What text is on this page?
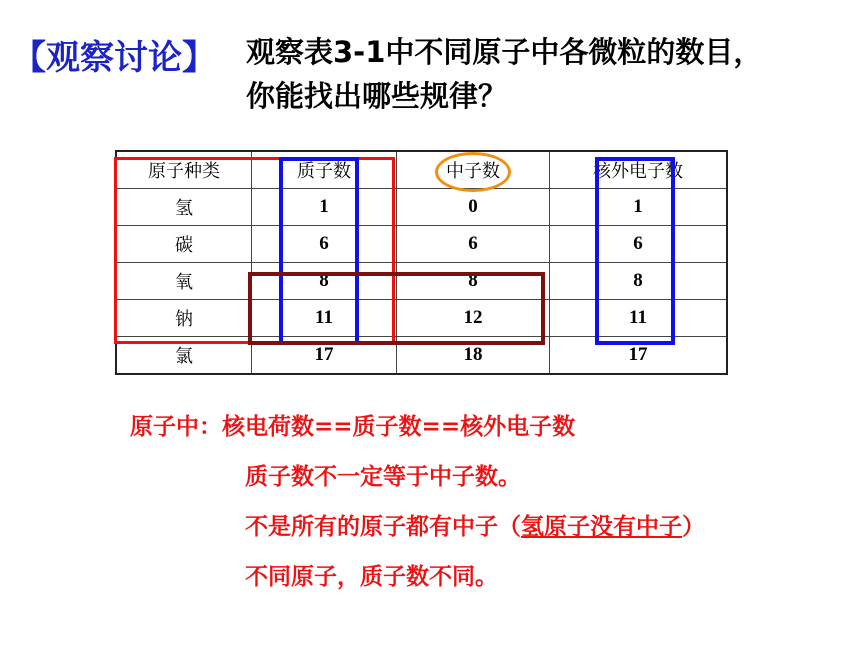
【观察讨论】 观察表3-1中不同原子中各微粒的数目，
你能找出哪些规律？
原子种类	质子数	中子数	核外电子数
氢	1	0	1
碳	6	6	6
氧	8	8	8
钠	11	12	11
氯	17	18	17
原子中：核电荷数==质子数==核外电子数
质子数不一定等于中子数。
不是所有的原子都有中子（氢原子没有中子）
不同原子，质子数不同。
